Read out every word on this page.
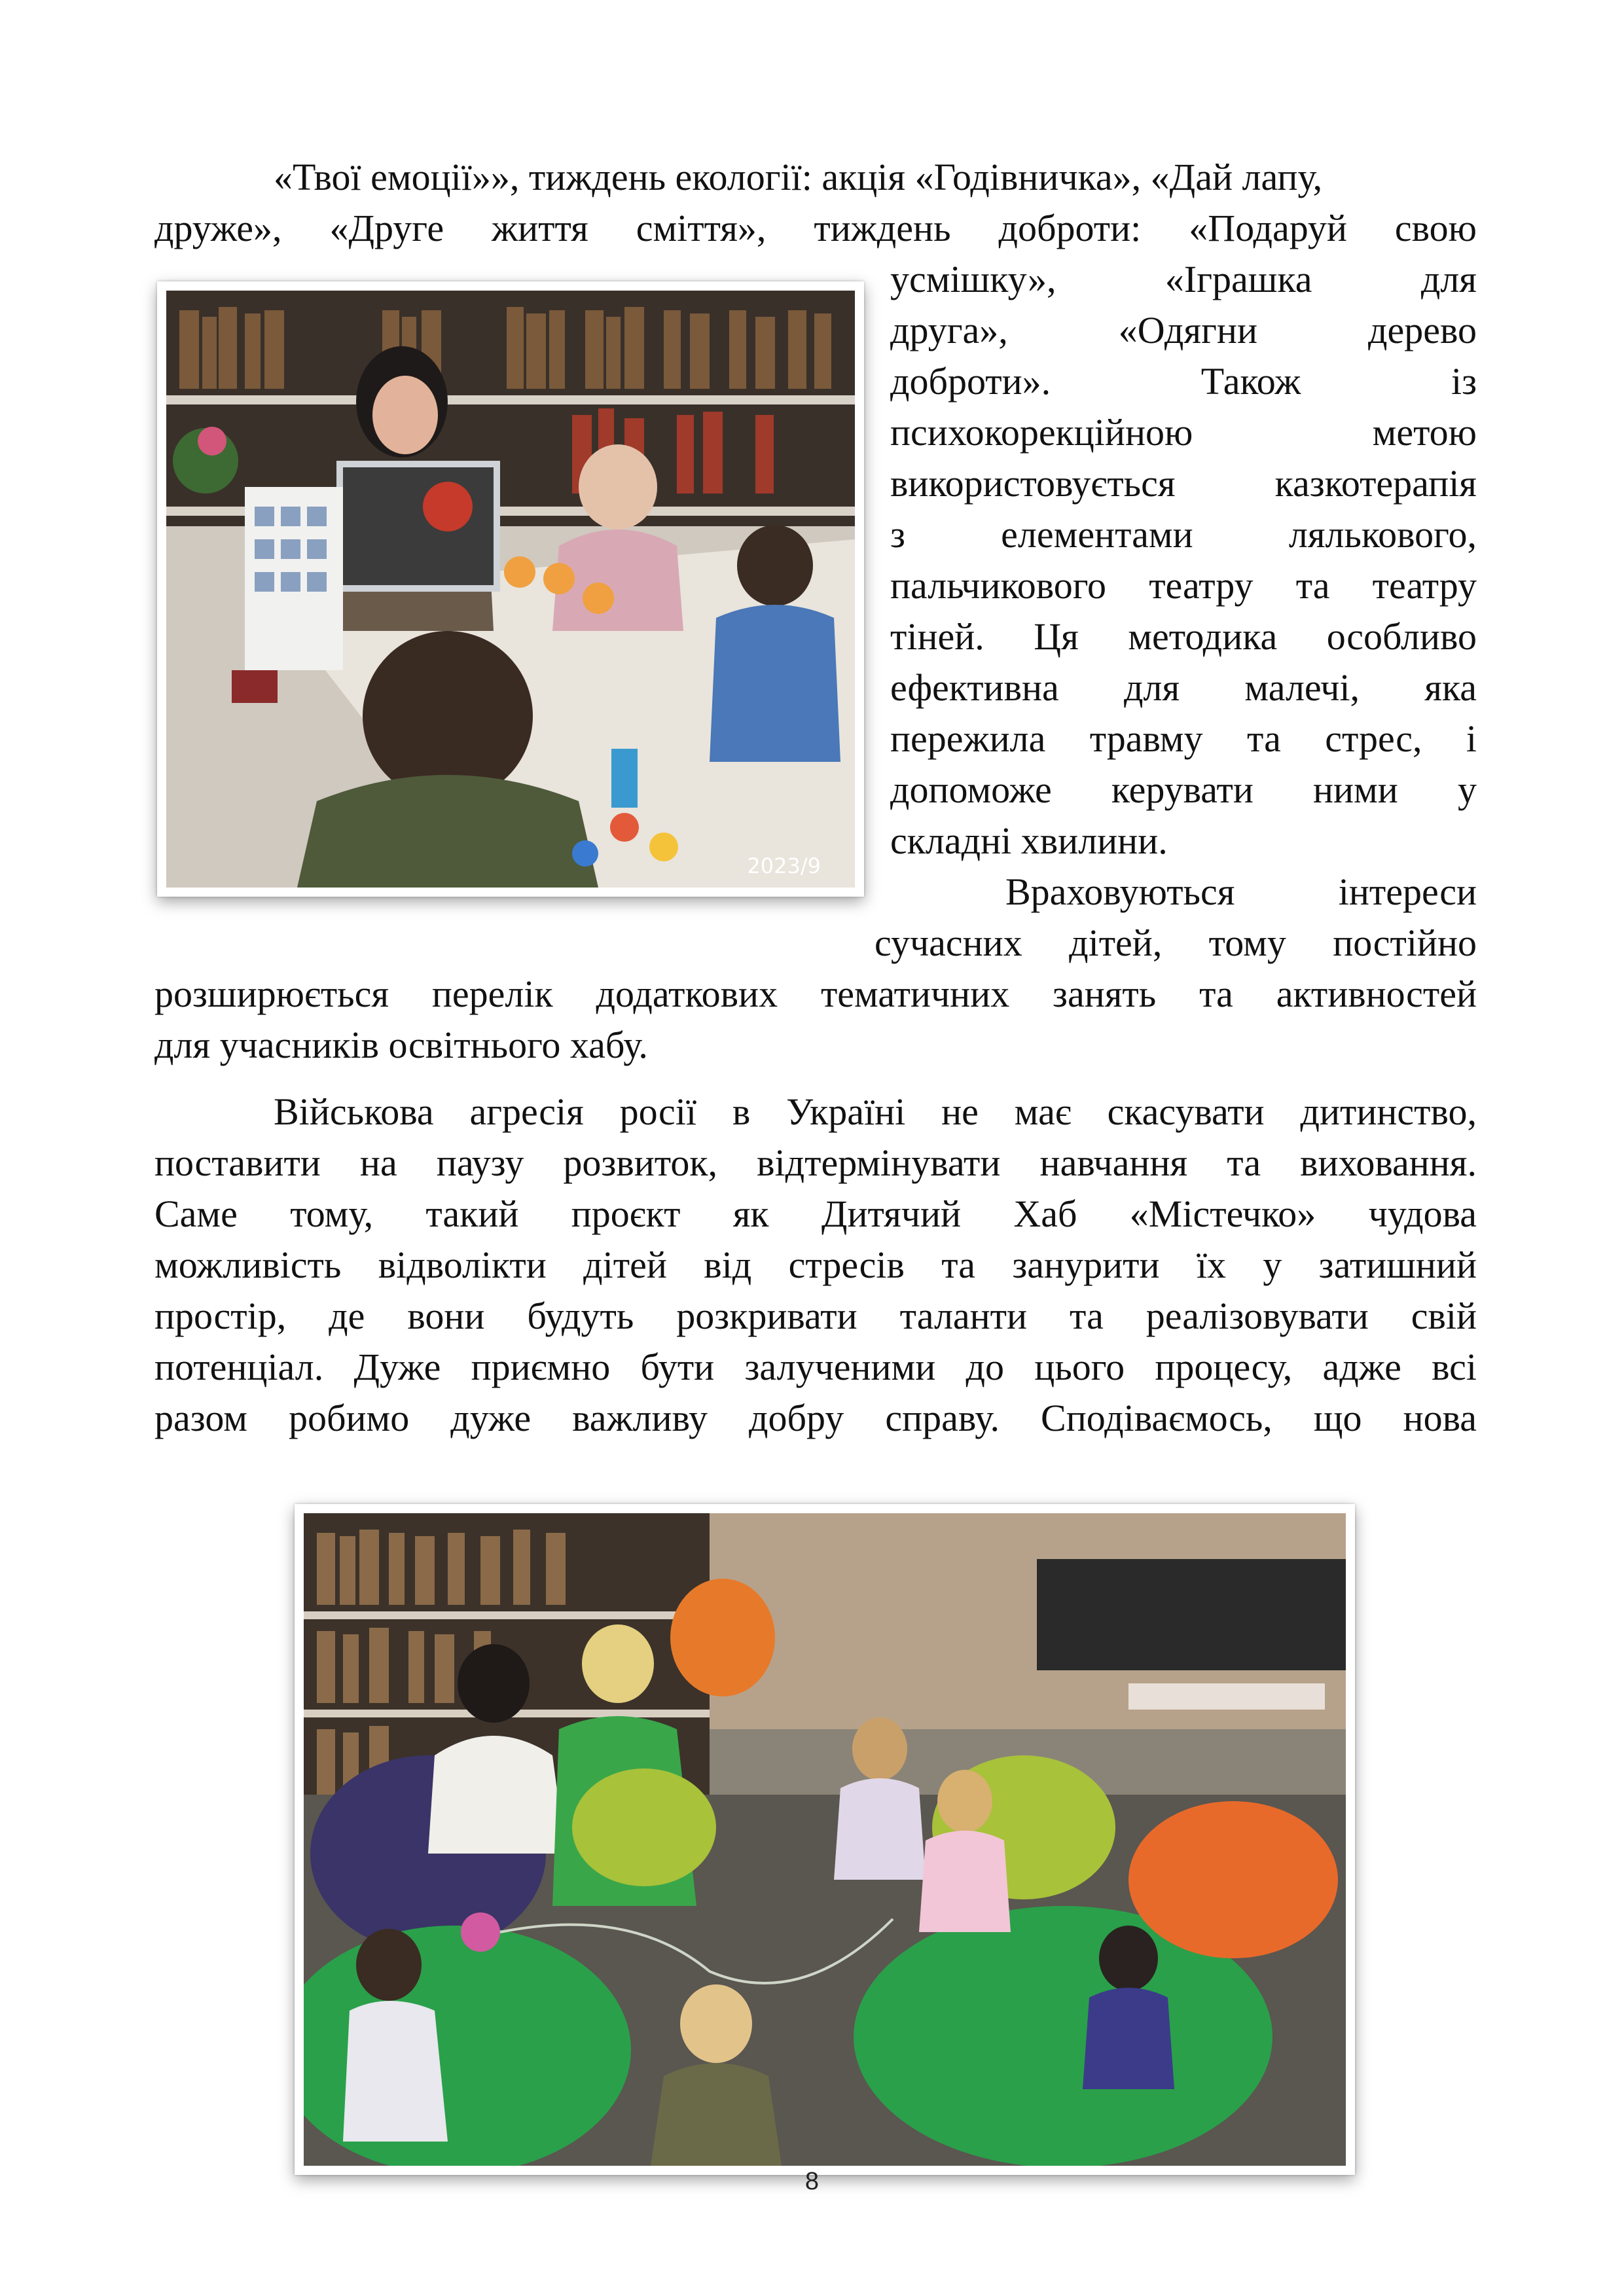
«Твої емоції»», тиждень екології: акція «Годівничка», «Дай лапу,
друже», «Друге життя сміття», тиждень доброти: «Подаруй свою
усмішку», «Іграшка для
друга», «Одягни дерево
доброти». Також із
психокорекційною метою
використовується казкотерапія
з елементами лялькового,
пальчикового театру та театру
тіней. Ця методика особливо
ефективна для малечі, яка
пережила травму та стрес, і
допоможе керувати ними у
складні хвилини.
Враховуються інтереси
сучасних дітей, тому постійно
розширюється перелік додаткових тематичних занять та активностей
для учасників освітнього хабу.
Військова агресія росії в Україні не має скасувати дитинство,
поставити на паузу розвиток, відтермінувати навчання та виховання.
Саме тому, такий проєкт як Дитячий Хаб «Містечко» чудова
можливість відволікти дітей від стресів та занурити їх у затишний
простір, де вони будуть розкривати таланти та реалізовувати свій
потенціал. Дуже приємно бути залученими до цього процесу, адже всі
разом робимо дуже важливу добру справу. Сподіваємось, що нова
2023/9
8
